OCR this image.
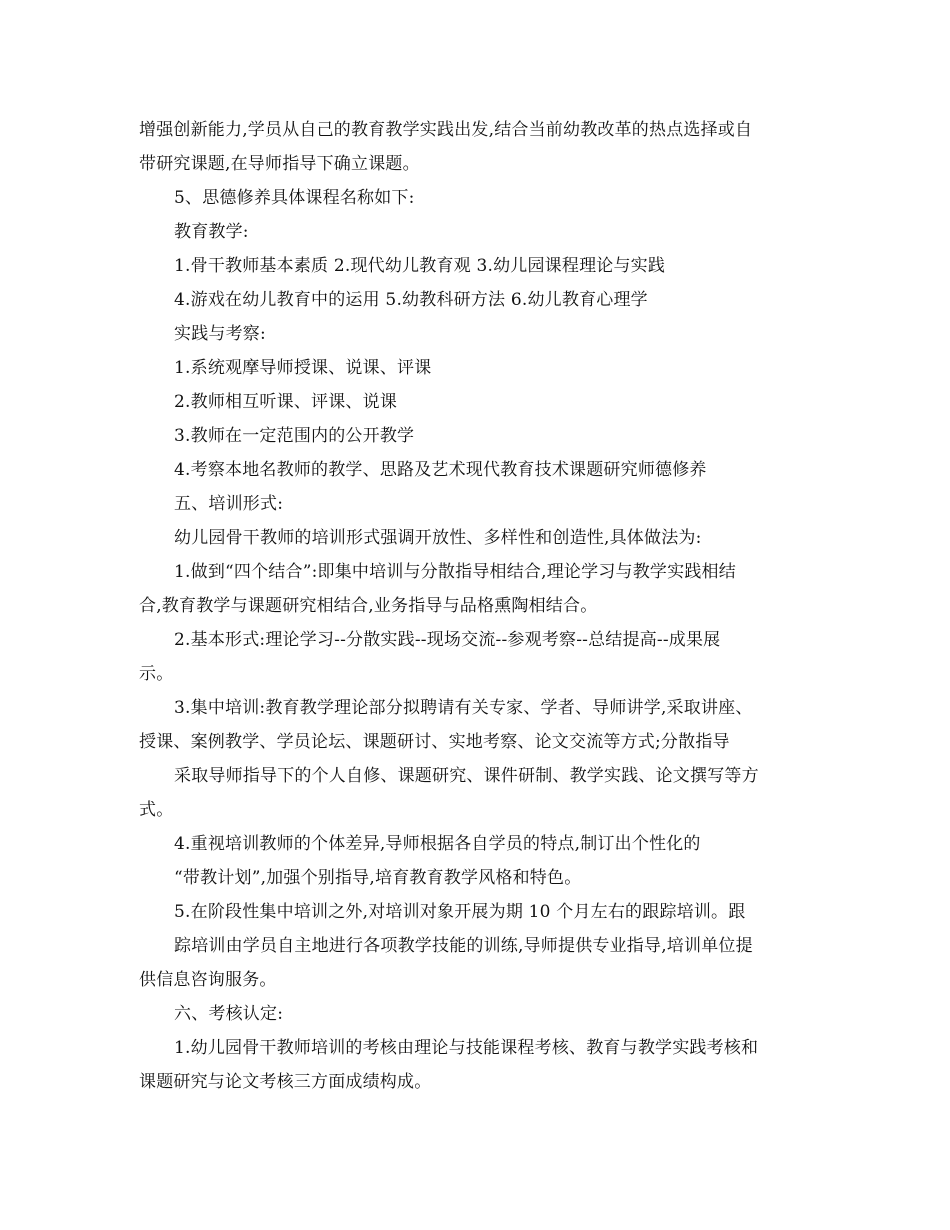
增强创新能力,学员从自己的教育教学实践出发,结合当前幼教改革的热点选择或自
带研究课题,在导师指导下确立课题。
5、思德修养具体课程名称如下:
教育教学:
1.骨干教师基本素质 2.现代幼儿教育观 3.幼儿园课程理论与实践
4.游戏在幼儿教育中的运用 5.幼教科研方法 6.幼儿教育心理学
实践与考察:
1.系统观摩导师授课、说课、评课
2.教师相互听课、评课、说课
3.教师在一定范围内的公开教学
4.考察本地名教师的教学、思路及艺术现代教育技术课题研究师德修养
五、培训形式:
幼儿园骨干教师的培训形式强调开放性、多样性和创造性,具体做法为:
1.做到“四个结合”:即集中培训与分散指导相结合,理论学习与教学实践相结
合,教育教学与课题研究相结合,业务指导与品格熏陶相结合。
2.基本形式:理论学习--分散实践--现场交流--参观考察--总结提高--成果展
示。
3.集中培训:教育教学理论部分拟聘请有关专家、学者、导师讲学,采取讲座、
授课、案例教学、学员论坛、课题研讨、实地考察、论文交流等方式;分散指导
采取导师指导下的个人自修、课题研究、课件研制、教学实践、论文撰写等方
式。
4.重视培训教师的个体差异,导师根据各自学员的特点,制订出个性化的
“带教计划”,加强个别指导,培育教育教学风格和特色。
5.在阶段性集中培训之外,对培训对象开展为期 10 个月左右的跟踪培训。跟
踪培训由学员自主地进行各项教学技能的训练,导师提供专业指导,培训单位提
供信息咨询服务。
六、考核认定:
1.幼儿园骨干教师培训的考核由理论与技能课程考核、教育与教学实践考核和
课题研究与论文考核三方面成绩构成。
